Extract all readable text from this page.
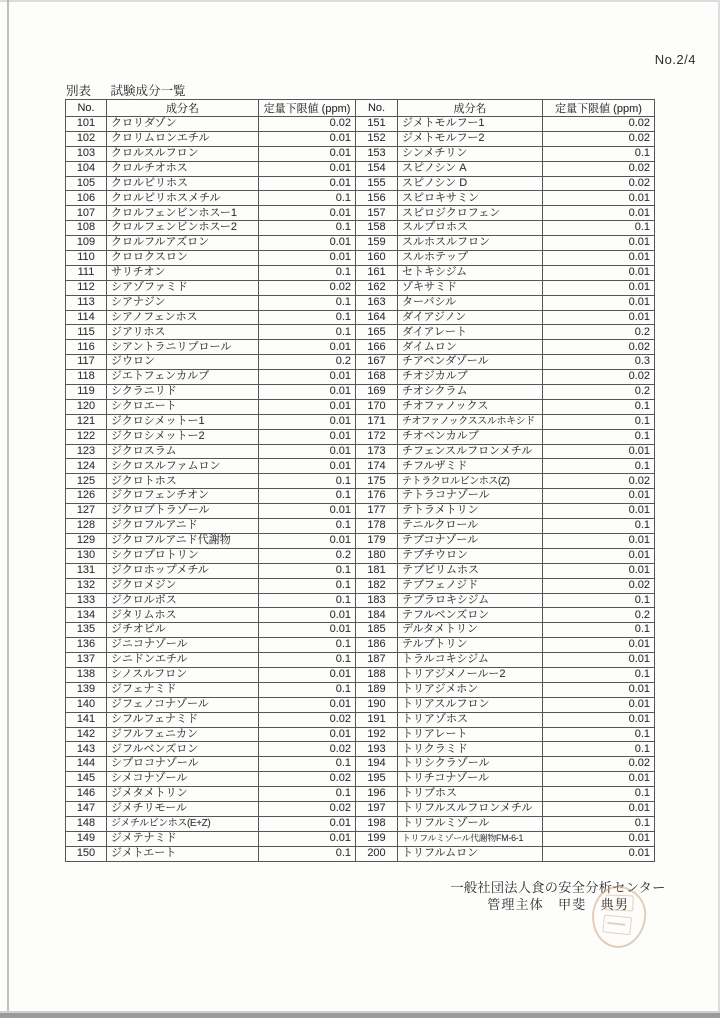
No.2/4
別表 試験成分一覧
No.	成分名	定量下限値 (ppm)
101	クロリダゾン	0.02
102	クロリムロンエチル	0.01
103	クロルスルフロン	0.01
104	クロルチオホス	0.01
105	クロルピリホス	0.01
106	クロルピリホスメチル	0.1
107	クロルフェンビンホスー1	0.01
108	クロルフェンビンホスー2	0.1
109	クロルフルアズロン	0.01
110	クロロクスロン	0.01
111	サリチオン	0.1
112	シアゾファミド	0.02
113	シアナジン	0.1
114	シアノフェンホス	0.1
115	ジアリホス	0.1
116	シアントラニリプロール	0.01
117	ジウロン	0.2
118	ジエトフェンカルブ	0.01
119	シクラニリド	0.01
120	シクロエート	0.01
121	ジクロシメットー1	0.01
122	ジクロシメットー2	0.01
123	ジクロスラム	0.01
124	シクロスルファムロン	0.01
125	ジクロトホス	0.1
126	ジクロフェンチオン	0.1
127	ジクロブトラゾール	0.01
128	ジクロフルアニド	0.1
129	ジクロフルアニド代謝物	0.01
130	シクロプロトリン	0.2
131	ジクロホップメチル	0.1
132	ジクロメジン	0.1
133	ジクロルボス	0.1
134	ジタリムホス	0.01
135	ジチオピル	0.01
136	ジニコナゾール	0.1
137	シニドンエチル	0.1
138	シノスルフロン	0.01
139	ジフェナミド	0.1
140	ジフェノコナゾール	0.01
141	シフルフェナミド	0.02
142	ジフルフェニカン	0.01
143	ジフルベンズロン	0.02
144	シプロコナゾール	0.1
145	シメコナゾール	0.02
146	ジメタメトリン	0.1
147	ジメチリモール	0.02
148	ジメチルビンホス(E+Z)	0.01
149	ジメテナミド	0.01
150	ジメトエート	0.1
No.	成分名	定量下限値 (ppm)
151	ジメトモルフー1	0.02
152	ジメトモルフー2	0.02
153	シンメチリン	0.1
154	スピノシン A	0.02
155	スピノシン D	0.02
156	スピロキサミン	0.01
157	スピロジクロフェン	0.01
158	スルプロホス	0.1
159	スルホスルフロン	0.01
160	スルホテップ	0.01
161	セトキシジム	0.01
162	ゾキサミド	0.01
163	ターバシル	0.01
164	ダイアジノン	0.01
165	ダイアレート	0.2
166	ダイムロン	0.02
167	チアベンダゾール	0.3
168	チオジカルブ	0.02
169	チオシクラム	0.2
170	チオファノックス	0.1
171	チオファノックススルホキシド	0.1
172	チオベンカルブ	0.1
173	チフェンスルフロンメチル	0.01
174	チフルザミド	0.1
175	テトラクロルビンホス(Z)	0.02
176	テトラコナゾール	0.01
177	テトラメトリン	0.01
178	テニルクロール	0.1
179	テブコナゾール	0.01
180	テブチウロン	0.01
181	テブピリムホス	0.01
182	テブフェノジド	0.02
183	テプラロキシジム	0.1
184	テフルベンズロン	0.2
185	デルタメトリン	0.1
186	テルブトリン	0.01
187	トラルコキシジム	0.01
188	トリアジメノールー2	0.1
189	トリアジメホン	0.01
190	トリアスルフロン	0.01
191	トリアゾホス	0.01
192	トリアレート	0.1
193	トリクラミド	0.1
194	トリシクラゾール	0.02
195	トリチコナゾール	0.01
196	トリブホス	0.1
197	トリフルスルフロンメチル	0.01
198	トリフルミゾール	0.1
199	トリフルミゾール代謝物FM-6-1	0.01
200	トリフルムロン	0.01
一般社団法人食の安全分析センター
管理主体　甲斐　典男
